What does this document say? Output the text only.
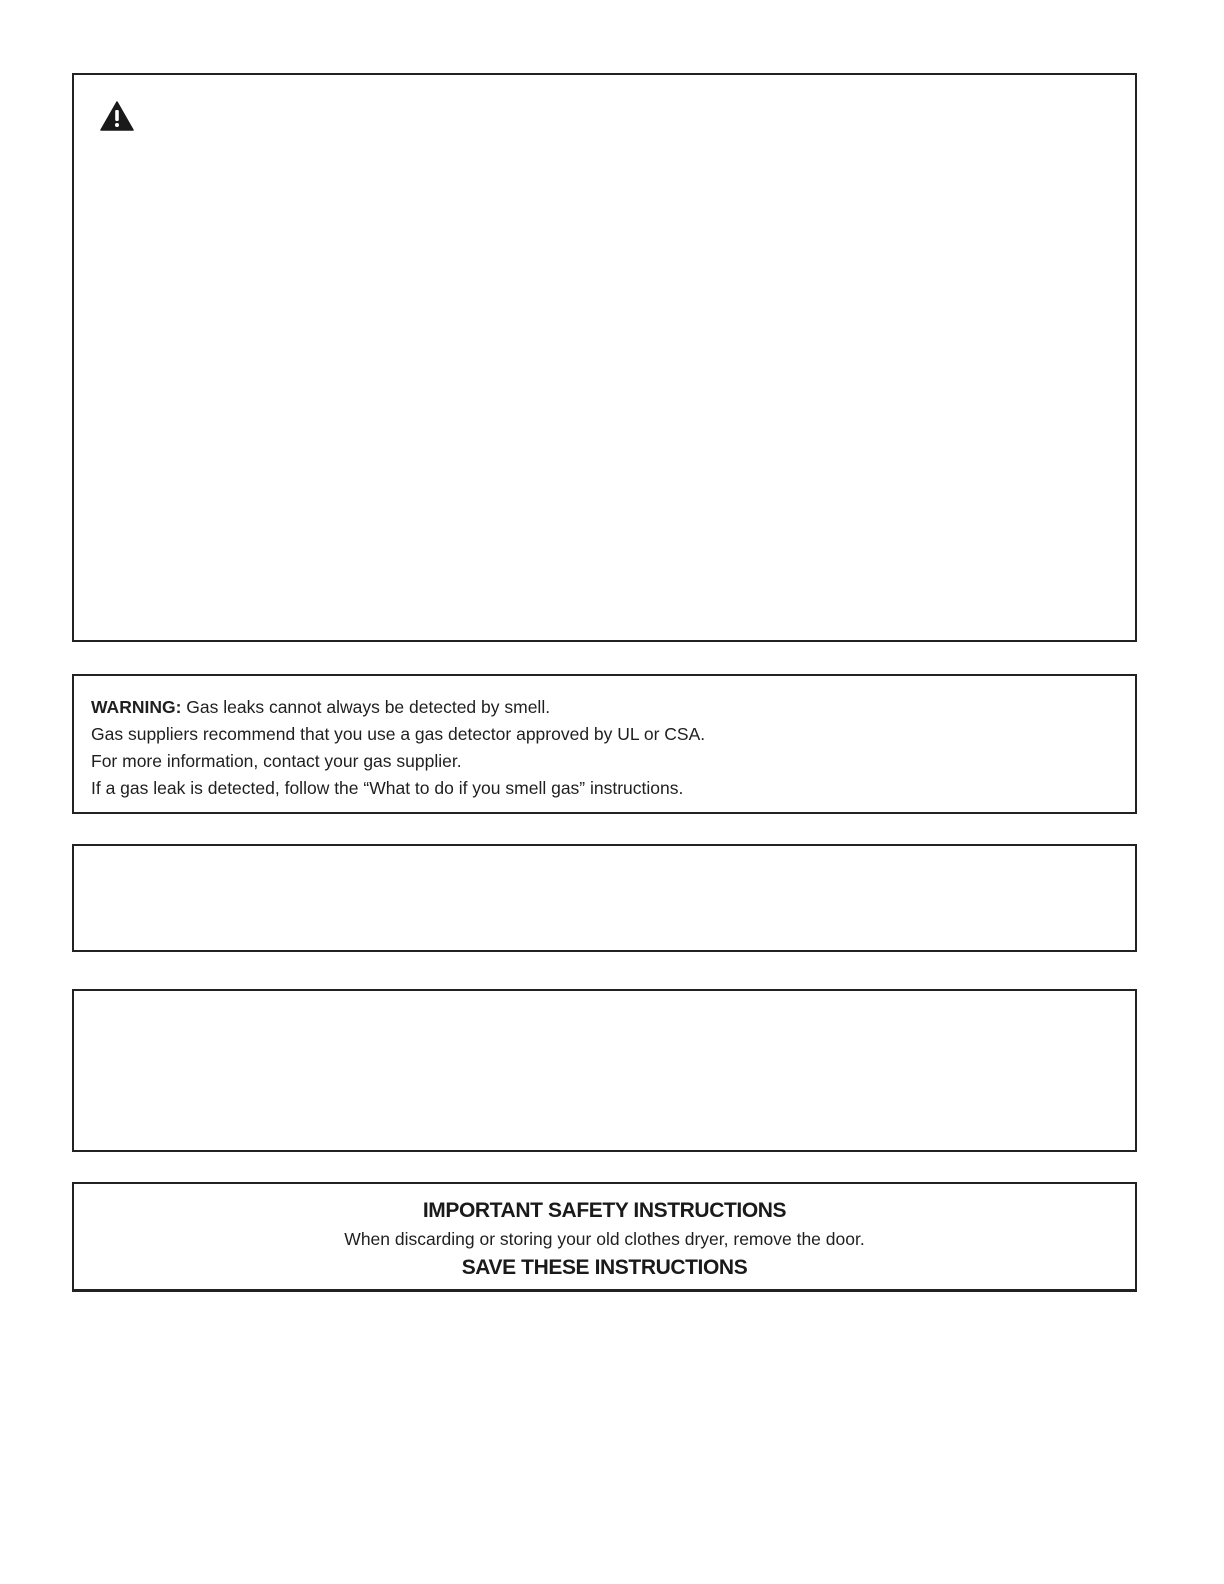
WARNING: Gas leaks cannot always be detected by smell.
Gas suppliers recommend that you use a gas detector approved by UL or CSA.
For more information, contact your gas supplier.
If a gas leak is detected, follow the “What to do if you smell gas” instructions.
IMPORTANT SAFETY INSTRUCTIONS
When discarding or storing your old clothes dryer, remove the door.
SAVE THESE INSTRUCTIONS
